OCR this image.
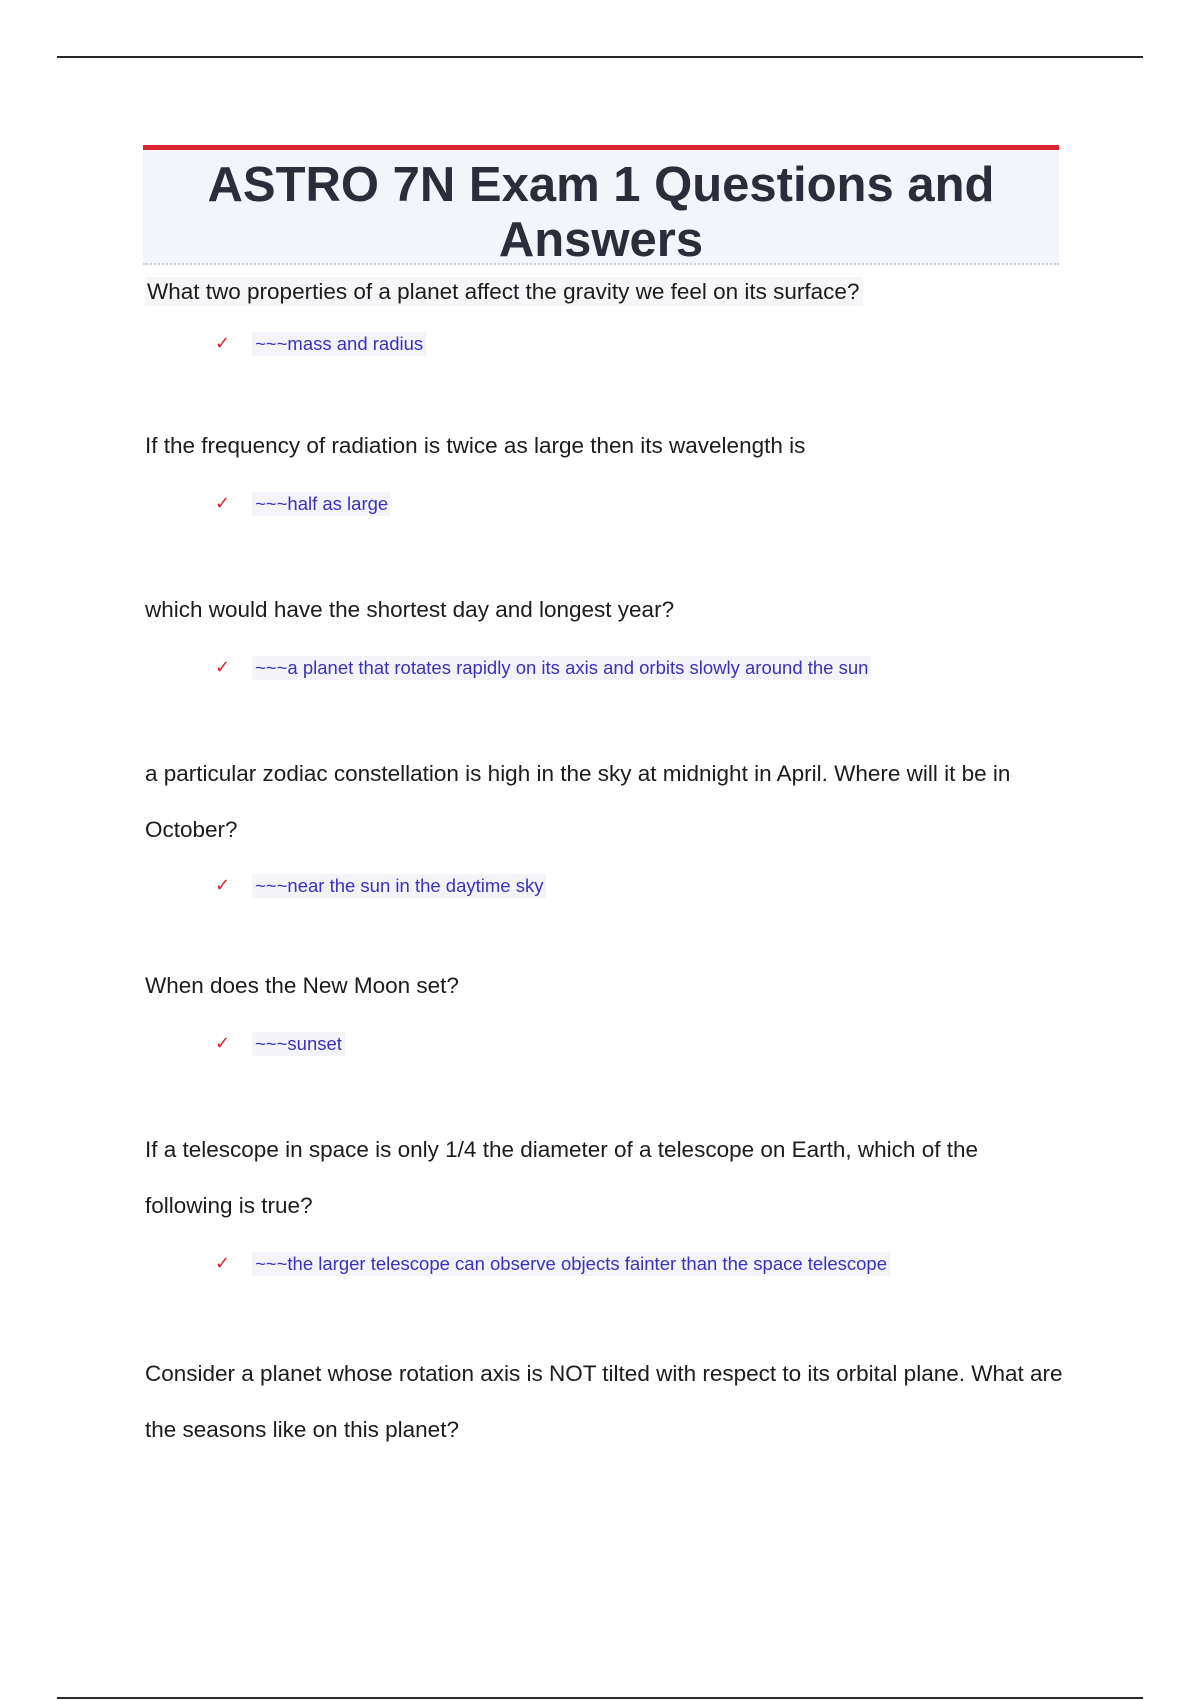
ASTRO 7N Exam 1 Questions and Answers

What two properties of a planet affect the gravity we feel on its surface?

✓ ~~~mass and radius

If the frequency of radiation is twice as large then its wavelength is

✓ ~~~half as large

which would have the shortest day and longest year?

✓ ~~~a planet that rotates rapidly on its axis and orbits slowly around the sun

a particular zodiac constellation is high in the sky at midnight in April. Where will it be in October?

✓ ~~~near the sun in the daytime sky

When does the New Moon set?

✓ ~~~sunset

If a telescope in space is only 1/4 the diameter of a telescope on Earth, which of the following is true?

✓ ~~~the larger telescope can observe objects fainter than the space telescope

Consider a planet whose rotation axis is NOT tilted with respect to its orbital plane. What are the seasons like on this planet?
